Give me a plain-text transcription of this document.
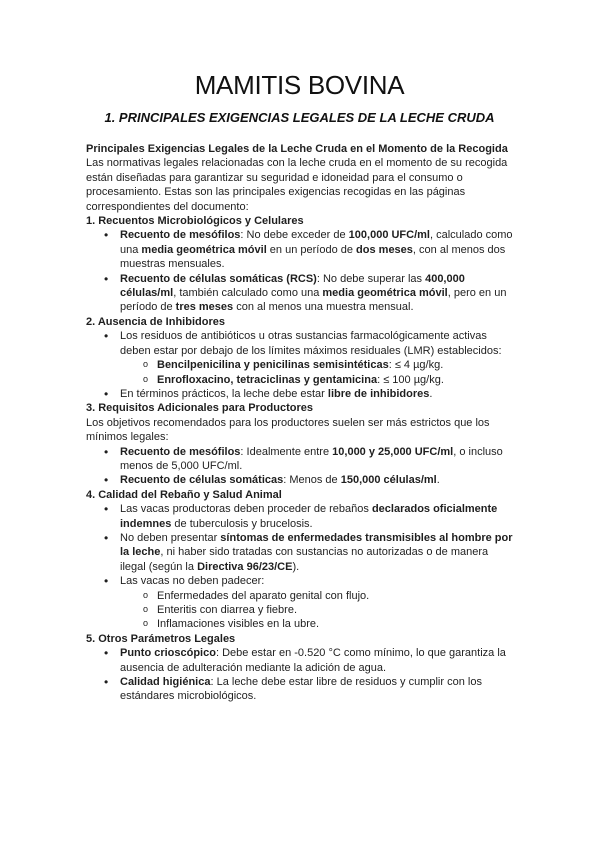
MAMITIS BOVINA
1. PRINCIPALES EXIGENCIAS LEGALES DE LA LECHE CRUDA

Principales Exigencias Legales de la Leche Cruda en el Momento de la Recogida

Las normativas legales relacionadas con la leche cruda en el momento de su recogida están diseñadas para garantizar su seguridad e idoneidad para el consumo o procesamiento. Estas son las principales exigencias recogidas en las páginas correspondientes del documento:

1. Recuentos Microbiológicos y Celulares

• Recuento de mesófilos: No debe exceder de 100,000 UFC/ml, calculado como una media geométrica móvil en un período de dos meses, con al menos dos muestras mensuales.
• Recuento de células somáticas (RCS): No debe superar las 400,000 células/ml, también calculado como una media geométrica móvil, pero en un período de tres meses con al menos una muestra mensual.

2. Ausencia de Inhibidores

• Los residuos de antibióticos u otras sustancias farmacológicamente activas deben estar por debajo de los límites máximos residuales (LMR) establecidos:
o Bencilpenicilina y penicilinas semisintéticas: ≤ 4 µg/kg.
o Enrofloxacino, tetraciclinas y gentamicina: ≤ 100 µg/kg.
• En términos prácticos, la leche debe estar libre de inhibidores.

3. Requisitos Adicionales para Productores

Los objetivos recomendados para los productores suelen ser más estrictos que los mínimos legales:

• Recuento de mesófilos: Idealmente entre 10,000 y 25,000 UFC/ml, o incluso menos de 5,000 UFC/ml.
• Recuento de células somáticas: Menos de 150,000 células/ml.

4. Calidad del Rebaño y Salud Animal

• Las vacas productoras deben proceder de rebaños declarados oficialmente indemnes de tuberculosis y brucelosis.
• No deben presentar síntomas de enfermedades transmisibles al hombre por la leche, ni haber sido tratadas con sustancias no autorizadas o de manera ilegal (según la Directiva 96/23/CE).
• Las vacas no deben padecer:
o Enfermedades del aparato genital con flujo.
o Enteritis con diarrea y fiebre.
o Inflamaciones visibles en la ubre.

5. Otros Parámetros Legales

• Punto crioscópico: Debe estar en -0.520 °C como mínimo, lo que garantiza la ausencia de adulteración mediante la adición de agua.
• Calidad higiénica: La leche debe estar libre de residuos y cumplir con los estándares microbiológicos.
